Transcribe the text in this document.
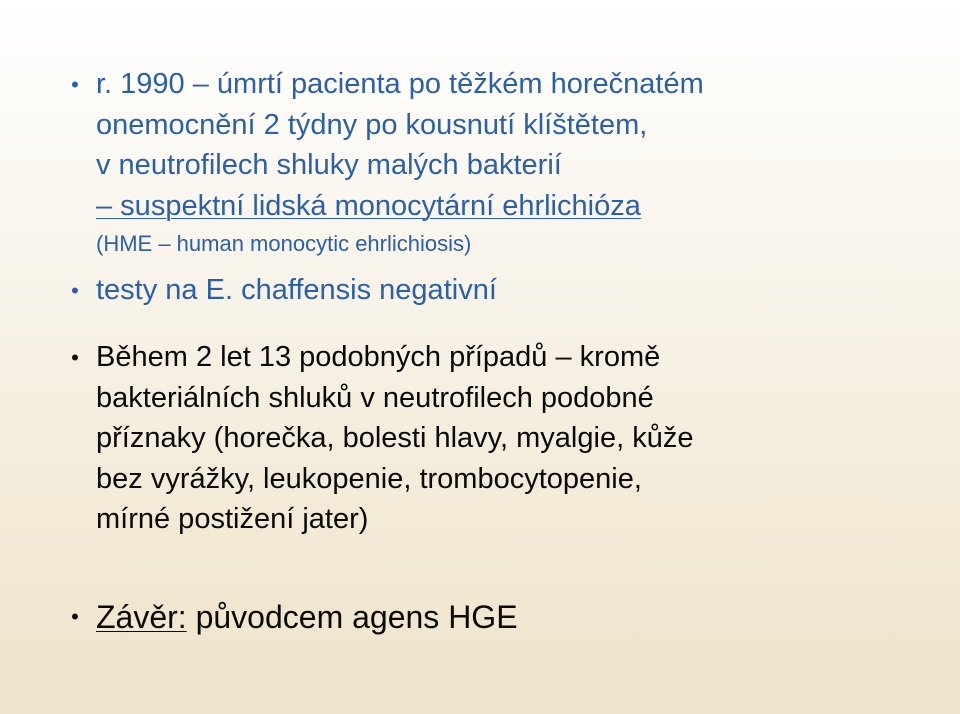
• r. 1990 – úmrtí pacienta po těžkém horečnatém
onemocnění 2 týdny po kousnutí klíštětem,
v neutrofilech shluky malých bakterií
– suspektní lidská monocytární ehrlichióza
(HME – human monocytic ehrlichiosis)
• testy na E. chaffensis negativní
• Během 2 let 13 podobných případů – kromě
bakteriálních shluků v neutrofilech podobné
příznaky (horečka, bolesti hlavy, myalgie, kůže
bez vyrážky, leukopenie, trombocytopenie,
mírné postižení jater)
• Závěr: původcem agens HGE
